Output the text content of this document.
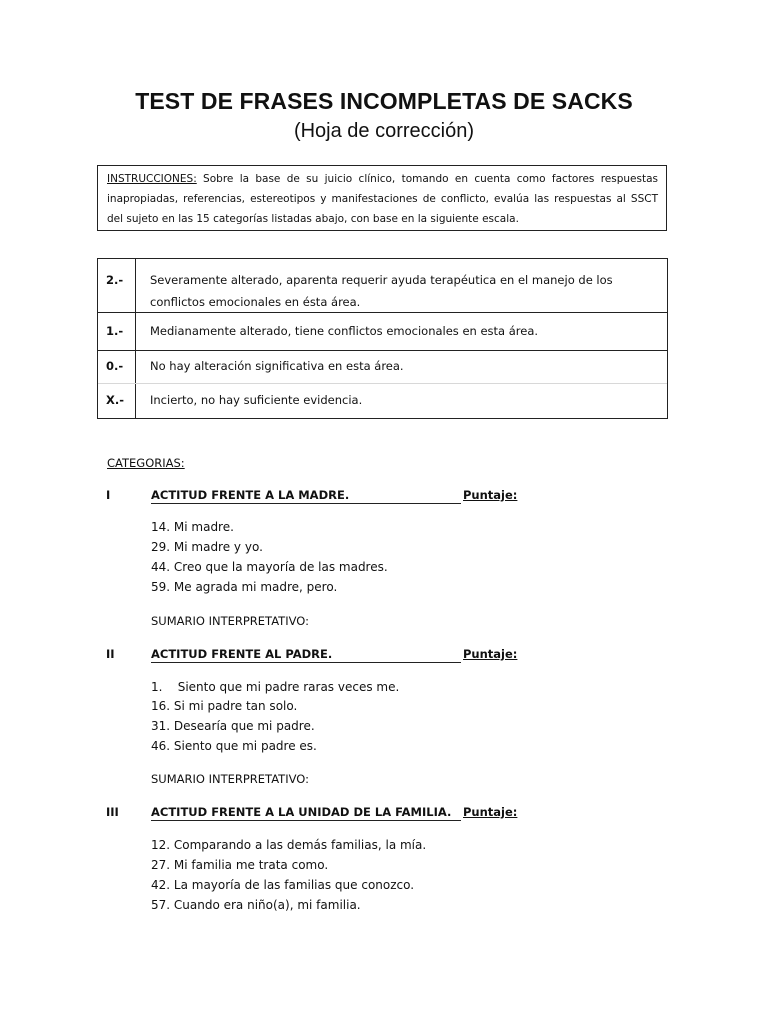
TEST DE FRASES INCOMPLETAS DE SACKS
(Hoja de corrección)
INSTRUCCIONES: Sobre la base de su juicio clínico, tomando en cuenta como factores respuestas inapropiadas, referencias, estereotipos y manifestaciones de conflicto, evalúa las respuestas al SSCT del sujeto en las 15 categorías listadas abajo, con base en la siguiente escala.
2.-	Severamente alterado, aparenta requerir ayuda terapéutica en el manejo de los conflictos emocionales en ésta área.
1.-	Medianamente alterado, tiene conflictos emocionales en esta área.
0.-	No hay alteración significativa en esta área.
X.-	Incierto, no hay suficiente evidencia.
CATEGORIAS:
I	ACTITUD FRENTE A LA MADRE.	Puntaje:
14. Mi madre.
29. Mi madre y yo.
44. Creo que la mayoría de las madres.
59. Me agrada mi madre, pero.
SUMARIO INTERPRETATIVO:
II	ACTITUD FRENTE AL PADRE.	Puntaje:
1.    Siento que mi padre raras veces me.
16. Si mi padre tan solo.
31. Desearía que mi padre.
46. Siento que mi padre es.
SUMARIO INTERPRETATIVO:
III	ACTITUD FRENTE A LA UNIDAD DE LA FAMILIA.	Puntaje:
12. Comparando a las demás familias, la mía.
27. Mi familia me trata como.
42. La mayoría de las familias que conozco.
57. Cuando era niño(a), mi familia.
